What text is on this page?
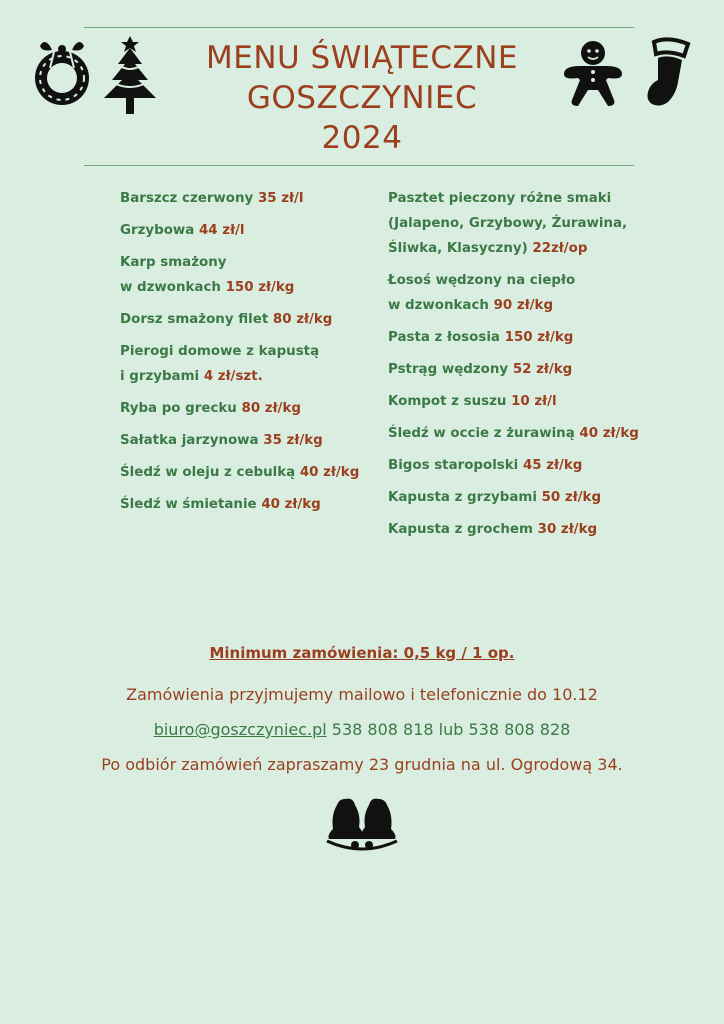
MENU ŚWIĄTECZNE
GOSZCZYNIEC
2024
Barszcz czerwony 35 zł/l
Grzybowa 44 zł/l
Karp smażony
w dzwonkach 150 zł/kg
Dorsz smażony filet 80 zł/kg
Pierogi domowe z kapustą
i grzybami 4 zł/szt.
Ryba po grecku 80 zł/kg
Sałatka jarzynowa 35 zł/kg
Śledź w oleju z cebulką 40 zł/kg
Śledź w śmietanie 40 zł/kg
Pasztet pieczony różne smaki
(Jalapeno, Grzybowy, Żurawina,
Śliwka, Klasyczny) 22zł/op
Łosoś wędzony na ciepło
w dzwonkach 90 zł/kg
Pasta z łososia 150 zł/kg
Pstrąg wędzony 52 zł/kg
Kompot z suszu 10 zł/l
Śledź w occie z żurawiną 40 zł/kg
Bigos staropolski 45 zł/kg
Kapusta z grzybami 50 zł/kg
Kapusta z grochem 30 zł/kg
Minimum zamówienia: 0,5 kg / 1 op.
Zamówienia przyjmujemy mailowo i telefonicznie do 10.12
biuro@goszczyniec.pl 538 808 818 lub 538 808 828
Po odbiór zamówień zapraszamy 23 grudnia na ul. Ogrodową 34.
